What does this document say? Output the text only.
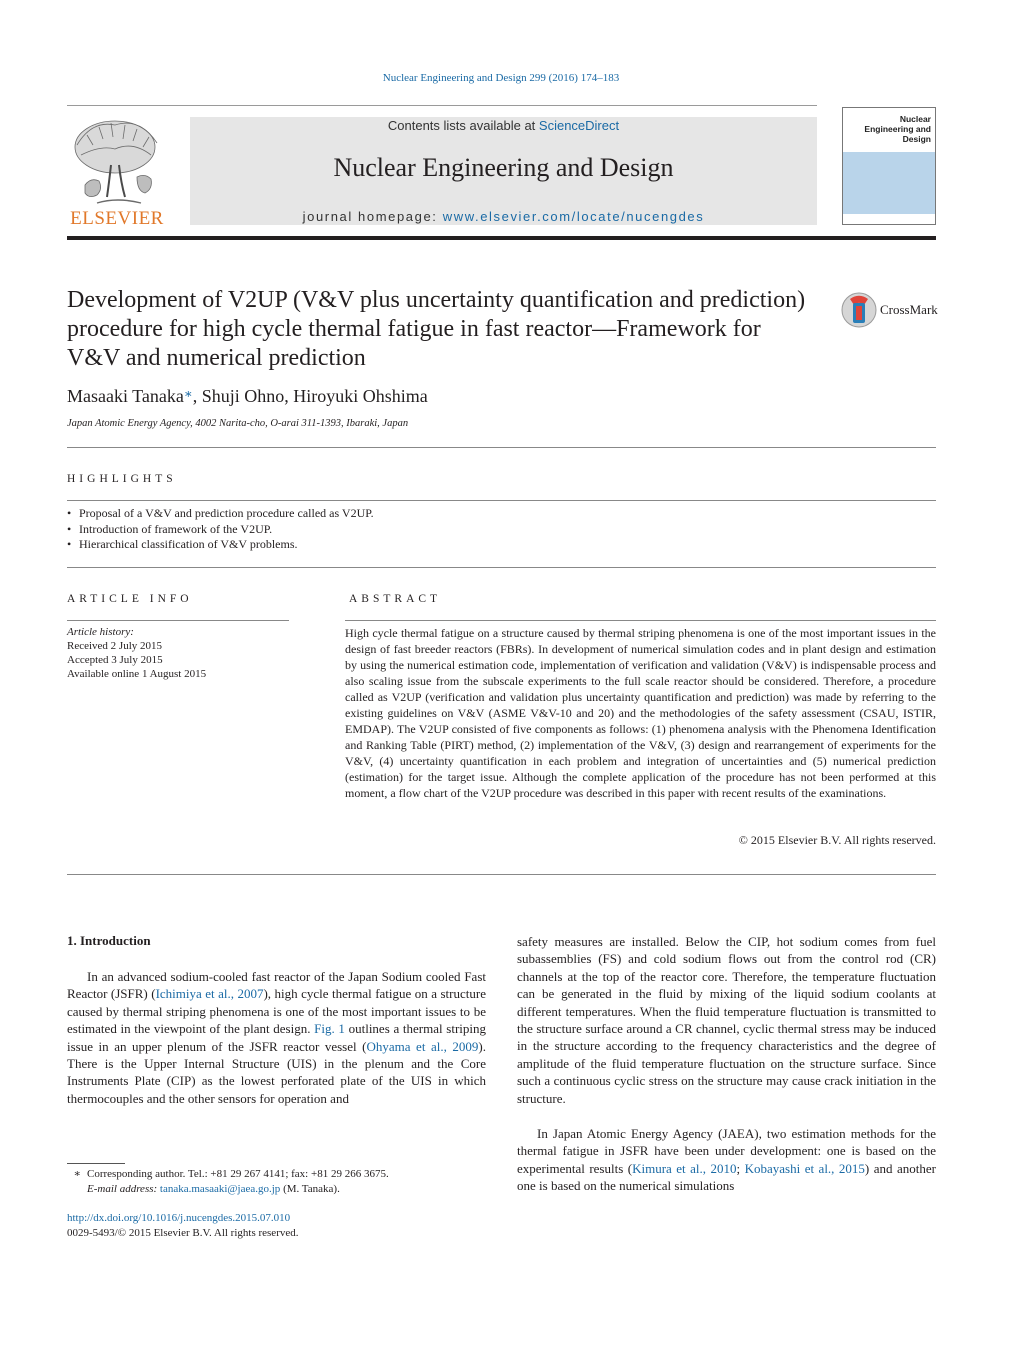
Nuclear Engineering and Design 299 (2016) 174–183
ELSEVIER
Contents lists available at ScienceDirect
Nuclear Engineering and Design
journal homepage: www.elsevier.com/locate/nucengdes
Nuclear Engineering and Design
Development of V2UP (V&V plus uncertainty quantification and prediction) procedure for high cycle thermal fatigue in fast reactor—Framework for V&V and numerical prediction
CrossMark
Masaaki Tanaka∗, Shuji Ohno, Hiroyuki Ohshima
Japan Atomic Energy Agency, 4002 Narita-cho, O-arai 311-1393, Ibaraki, Japan
HIGHLIGHTS
• Proposal of a V&V and prediction procedure called as V2UP.
• Introduction of framework of the V2UP.
• Hierarchical classification of V&V problems.
ARTICLE INFO
Article history:
Received 2 July 2015
Accepted 3 July 2015
Available online 1 August 2015
ABSTRACT
High cycle thermal fatigue on a structure caused by thermal striping phenomena is one of the most important issues in the design of fast breeder reactors (FBRs). In development of numerical simulation codes and in plant design and estimation by using the numerical estimation code, implementation of verification and validation (V&V) is indispensable process and also scaling issue from the subscale experiments to the full scale reactor should be considered. Therefore, a procedure called as V2UP (verification and validation plus uncertainty quantification and prediction) was made by referring to the existing guidelines on V&V (ASME V&V-10 and 20) and the methodologies of the safety assessment (CSAU, ISTIR, EMDAP). The V2UP consisted of five components as follows: (1) phenomena analysis with the Phenomena Identification and Ranking Table (PIRT) method, (2) implementation of the V&V, (3) design and rearrangement of experiments for the V&V, (4) uncertainty quantification in each problem and integration of uncertainties and (5) numerical prediction (estimation) for the target issue. Although the complete application of the procedure has not been performed at this moment, a flow chart of the V2UP procedure was described in this paper with recent results of the examinations.
© 2015 Elsevier B.V. All rights reserved.
1. Introduction
In an advanced sodium-cooled fast reactor of the Japan Sodium cooled Fast Reactor (JSFR) (Ichimiya et al., 2007), high cycle thermal fatigue on a structure caused by thermal striping phenomena is one of the most important issues to be estimated in the viewpoint of the plant design. Fig. 1 outlines a thermal striping issue in an upper plenum of the JSFR reactor vessel (Ohyama et al., 2009). There is the Upper Internal Structure (UIS) in the plenum and the Core Instruments Plate (CIP) as the lowest perforated plate of the UIS in which thermocouples and the other sensors for operation and
safety measures are installed. Below the CIP, hot sodium comes from fuel subassemblies (FS) and cold sodium flows out from the control rod (CR) channels at the top of the reactor core. Therefore, the temperature fluctuation can be generated in the fluid by mixing of the liquid sodium coolants at different temperatures. When the fluid temperature fluctuation is transmitted to the structure surface around a CR channel, cyclic thermal stress may be induced in the structure according to the frequency characteristics and the degree of amplitude of the fluid temperature fluctuation on the structure surface. Since such a continuous cyclic stress on the structure may cause crack initiation in the structure.
In Japan Atomic Energy Agency (JAEA), two estimation methods for the thermal fatigue in JSFR have been under development: one is based on the experimental results (Kimura et al., 2010; Kobayashi et al., 2015) and another one is based on the numerical simulations
∗ Corresponding author. Tel.: +81 29 267 4141; fax: +81 29 266 3675.
E-mail address: tanaka.masaaki@jaea.go.jp (M. Tanaka).
http://dx.doi.org/10.1016/j.nucengdes.2015.07.010
0029-5493/© 2015 Elsevier B.V. All rights reserved.
